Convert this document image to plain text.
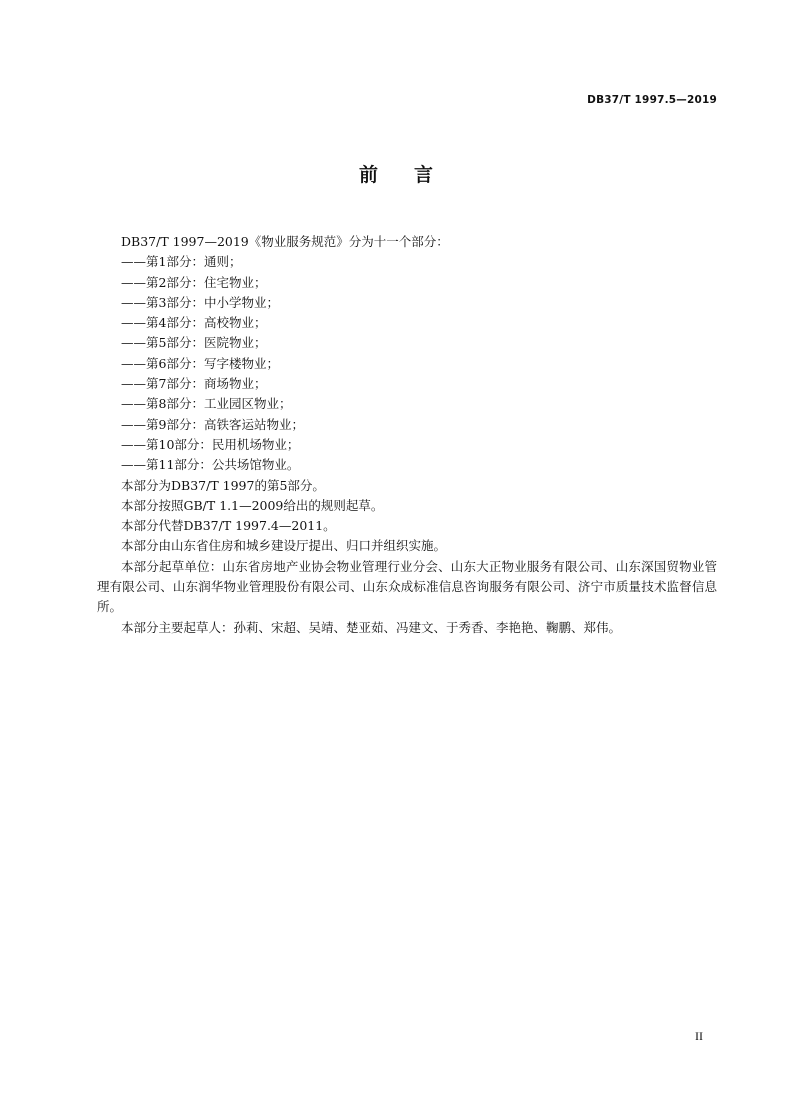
DB37/T 1997.5—2019
前 言

DB37/T 1997—2019《物业服务规范》分为十一个部分：

——第1部分：通则；

——第2部分：住宅物业；

——第3部分：中小学物业；

——第4部分：高校物业；

——第5部分：医院物业；

——第6部分：写字楼物业；

——第7部分：商场物业；

——第8部分：工业园区物业；

——第9部分：高铁客运站物业；

——第10部分：民用机场物业；

——第11部分：公共场馆物业。

本部分为DB37/T 1997的第5部分。

本部分按照GB/T 1.1—2009给出的规则起草。

本部分代替DB37/T 1997.4—2011。

本部分由山东省住房和城乡建设厅提出、归口并组织实施。

本部分起草单位：山东省房地产业协会物业管理行业分会、山东大正物业服务有限公司、山东深国贸物业管理有限公司、山东润华物业管理股份有限公司、山东众成标准信息咨询服务有限公司、济宁市质量技术监督信息所。

本部分主要起草人：孙莉、宋超、吴靖、楚亚茹、冯建文、于秀香、李艳艳、鞠鹏、郑伟。

II
